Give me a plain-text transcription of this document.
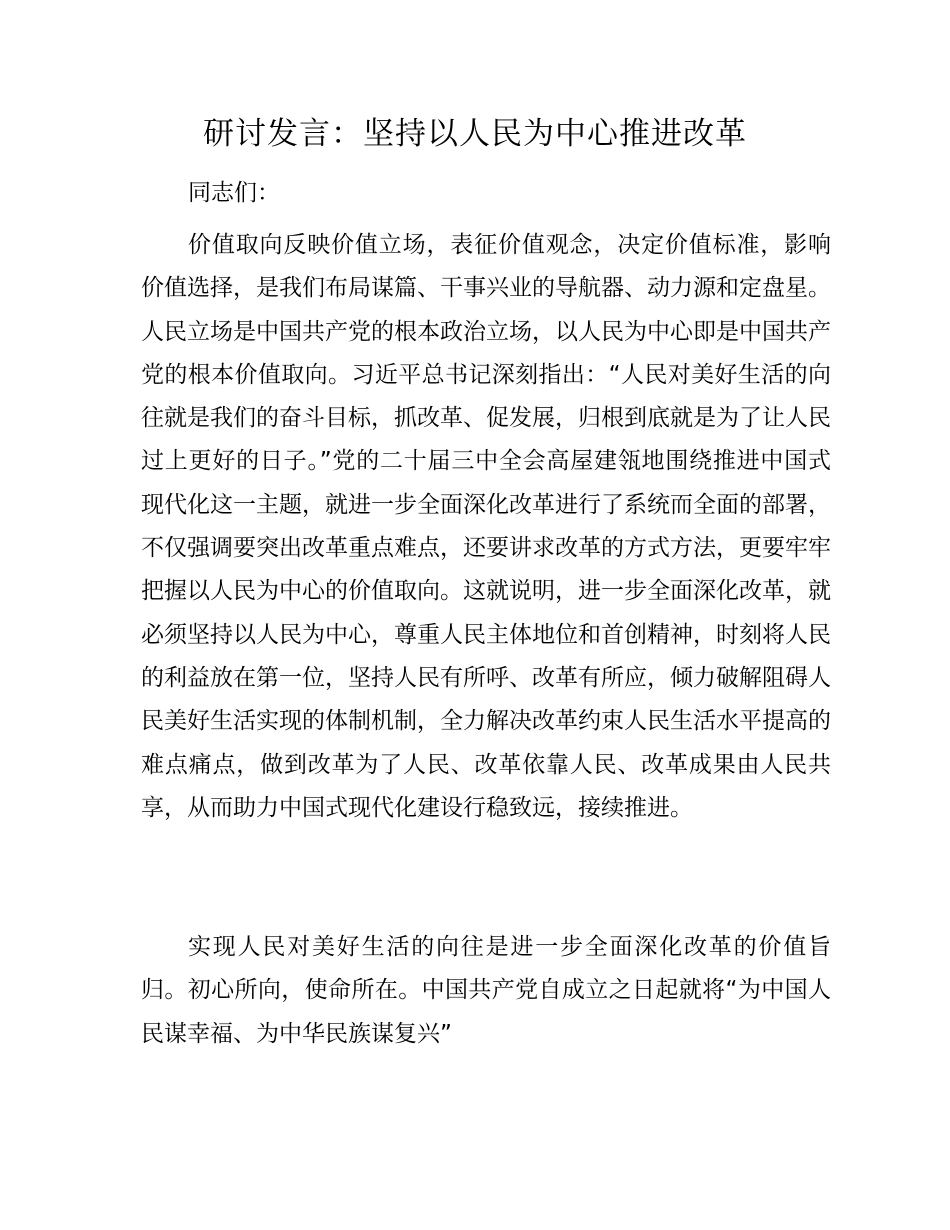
研讨发言：坚持以人民为中心推进改革

同志们：

价值取向反映价值立场，表征价值观念，决定价值标准，影响价值选择，是我们布局谋篇、干事兴业的导航器、动力源和定盘星。人民立场是中国共产党的根本政治立场，以人民为中心即是中国共产党的根本价值取向。习近平总书记深刻指出：“人民对美好生活的向往就是我们的奋斗目标，抓改革、促发展，归根到底就是为了让人民过上更好的日子。”党的二十届三中全会高屋建瓴地围绕推进中国式现代化这一主题，就进一步全面深化改革进行了系统而全面的部署，不仅强调要突出改革重点难点，还要讲求改革的方式方法，更要牢牢把握以人民为中心的价值取向。这就说明，进一步全面深化改革，就必须坚持以人民为中心，尊重人民主体地位和首创精神，时刻将人民的利益放在第一位，坚持人民有所呼、改革有所应，倾力破解阻碍人民美好生活实现的体制机制，全力解决改革约束人民生活水平提高的难点痛点，做到改革为了人民、改革依靠人民、改革成果由人民共享，从而助力中国式现代化建设行稳致远，接续推进。

实现人民对美好生活的向往是进一步全面深化改革的价值旨归。初心所向，使命所在。中国共产党自成立之日起就将“为中国人民谋幸福、为中华民族谋复兴”
